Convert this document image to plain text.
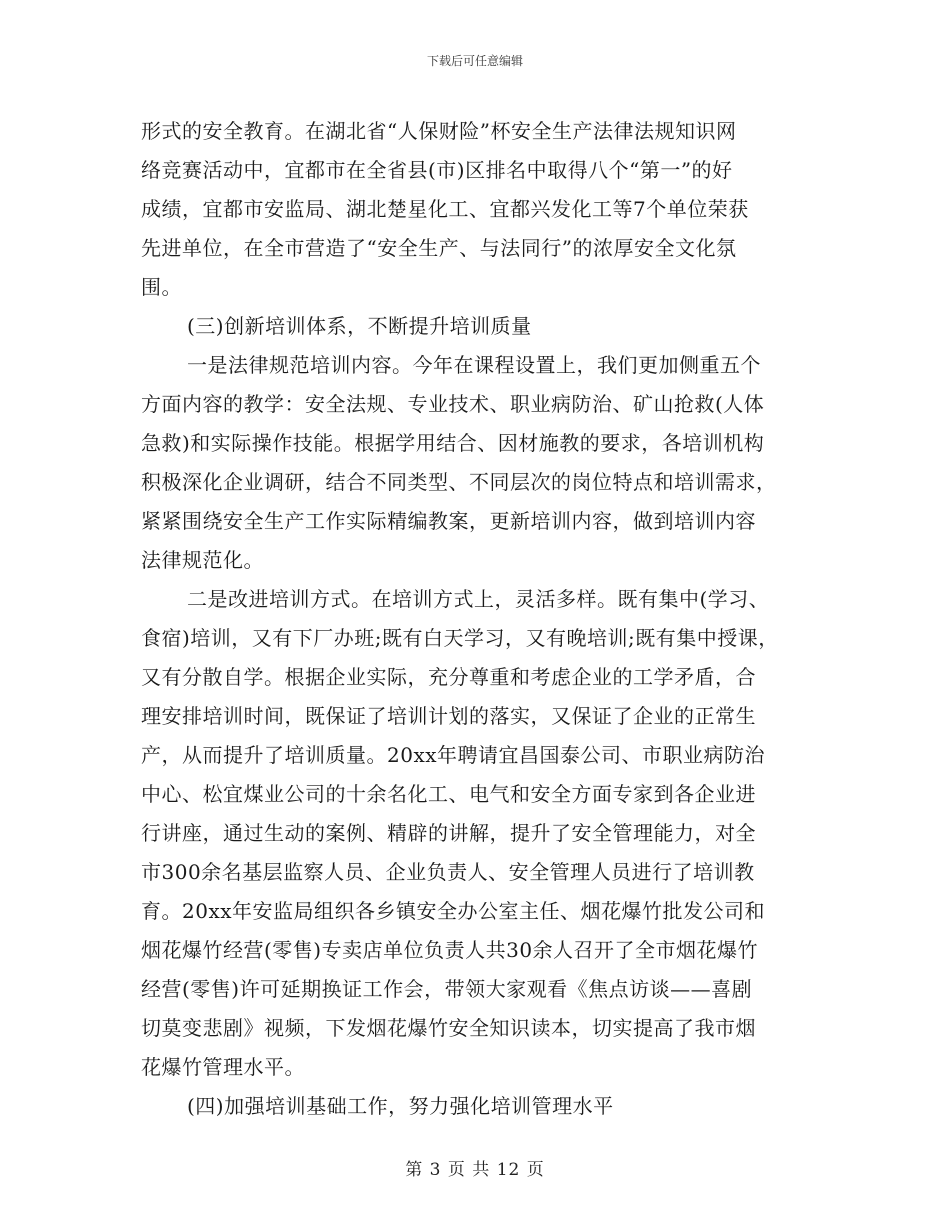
下载后可任意编辑
形式的安全教育。在湖北省“人保财险”杯安全生产法律法规知识网
络竞赛活动中，宜都市在全省县(市)区排名中取得八个“第一”的好
成绩，宜都市安监局、湖北楚星化工、宜都兴发化工等7个单位荣获
先进单位，在全市营造了“安全生产、与法同行”的浓厚安全文化氛
围。
(三)创新培训体系，不断提升培训质量
一是法律规范培训内容。今年在课程设置上，我们更加侧重五个
方面内容的教学：安全法规、专业技术、职业病防治、矿山抢救(人体
急救)和实际操作技能。根据学用结合、因材施教的要求，各培训机构
积极深化企业调研，结合不同类型、不同层次的岗位特点和培训需求，
紧紧围绕安全生产工作实际精编教案，更新培训内容，做到培训内容
法律规范化。
二是改进培训方式。在培训方式上，灵活多样。既有集中(学习、
食宿)培训，又有下厂办班;既有白天学习，又有晚培训;既有集中授课，
又有分散自学。根据企业实际，充分尊重和考虑企业的工学矛盾，合
理安排培训时间，既保证了培训计划的落实，又保证了企业的正常生
产，从而提升了培训质量。20xx年聘请宜昌国泰公司、市职业病防治
中心、松宜煤业公司的十余名化工、电气和安全方面专家到各企业进
行讲座，通过生动的案例、精辟的讲解，提升了安全管理能力，对全
市300余名基层监察人员、企业负责人、安全管理人员进行了培训教
育。20xx年安监局组织各乡镇安全办公室主任、烟花爆竹批发公司和
烟花爆竹经营(零售)专卖店单位负责人共30余人召开了全市烟花爆竹
经营(零售)许可延期换证工作会，带领大家观看《焦点访谈——喜剧
切莫变悲剧》视频，下发烟花爆竹安全知识读本，切实提高了我市烟
花爆竹管理水平。
(四)加强培训基础工作，努力强化培训管理水平
第 3 页 共 12 页
